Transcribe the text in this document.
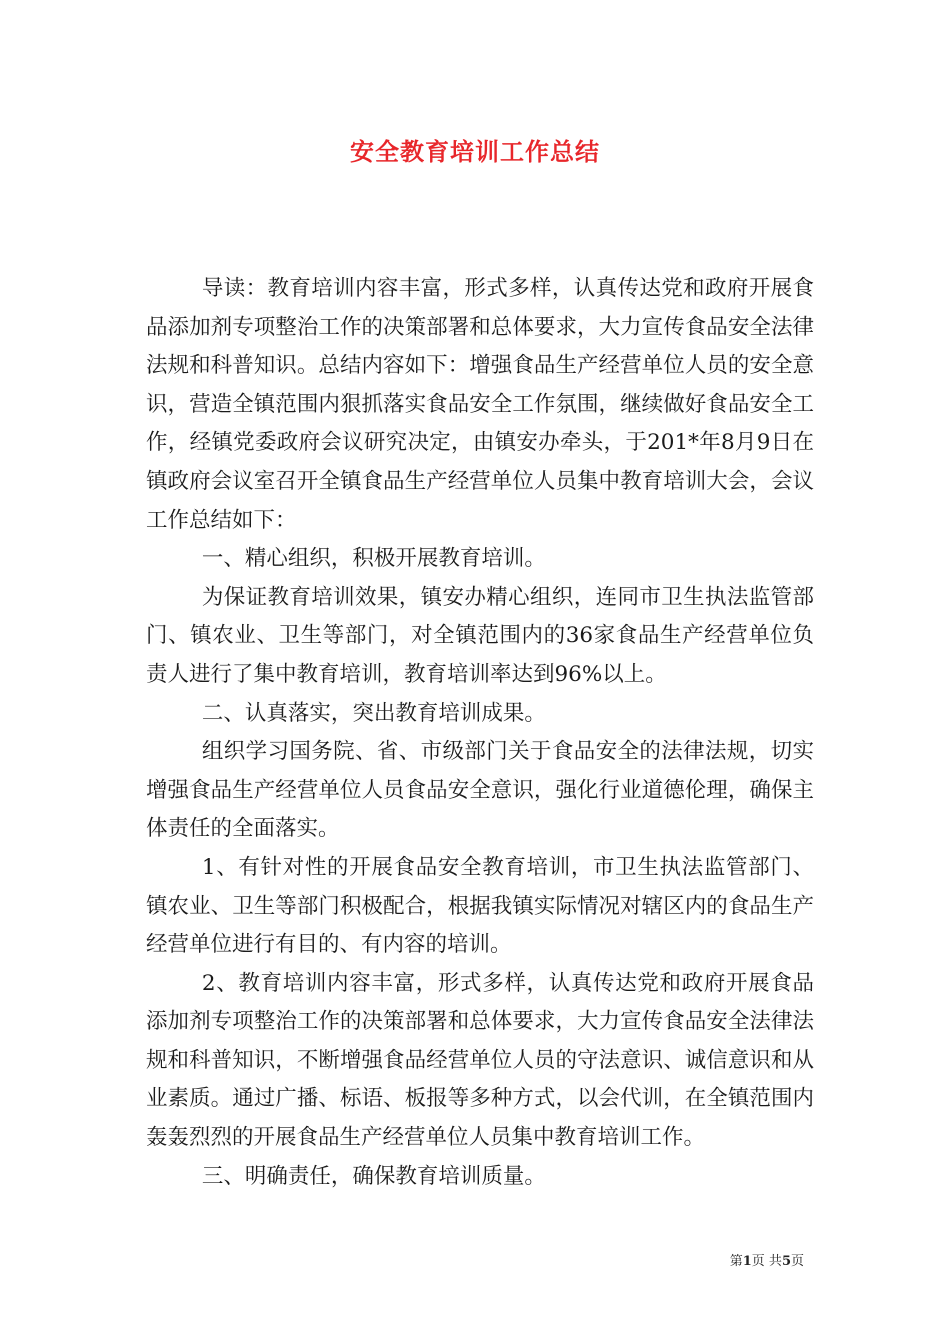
安全教育培训工作总结

导读：教育培训内容丰富，形式多样，认真传达党和政府开展食品添加剂专项整治工作的决策部署和总体要求，大力宣传食品安全法律法规和科普知识。总结内容如下：增强食品生产经营单位人员的安全意识，营造全镇范围内狠抓落实食品安全工作氛围，继续做好食品安全工作，经镇党委政府会议研究决定，由镇安办牵头，于201*年8月9日在镇政府会议室召开全镇食品生产经营单位人员集中教育培训大会，会议工作总结如下：

一、精心组织，积极开展教育培训。

为保证教育培训效果，镇安办精心组织，连同市卫生执法监管部门、镇农业、卫生等部门，对全镇范围内的36家食品生产经营单位负责人进行了集中教育培训，教育培训率达到96%以上。

二、认真落实，突出教育培训成果。

组织学习国务院、省、市级部门关于食品安全的法律法规，切实增强食品生产经营单位人员食品安全意识，强化行业道德伦理，确保主体责任的全面落实。

1、有针对性的开展食品安全教育培训，市卫生执法监管部门、镇农业、卫生等部门积极配合，根据我镇实际情况对辖区内的食品生产经营单位进行有目的、有内容的培训。

2、教育培训内容丰富，形式多样，认真传达党和政府开展食品添加剂专项整治工作的决策部署和总体要求，大力宣传食品安全法律法规和科普知识，不断增强食品经营单位人员的守法意识、诚信意识和从业素质。通过广播、标语、板报等多种方式，以会代训，在全镇范围内轰轰烈烈的开展食品生产经营单位人员集中教育培训工作。

三、明确责任，确保教育培训质量。

第1页 共5页
